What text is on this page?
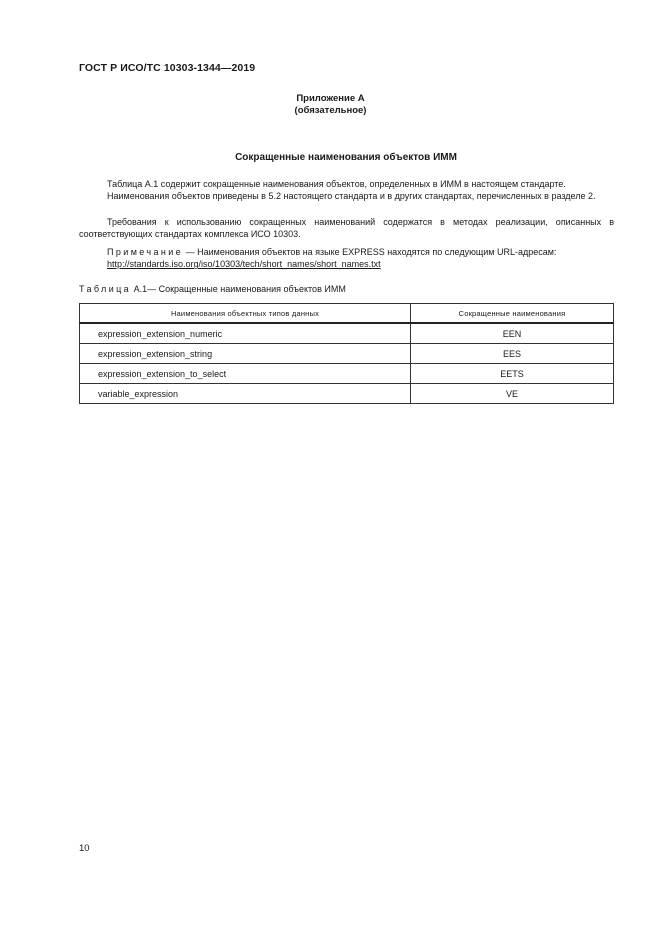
ГОСТ Р ИСО/ТС 10303-1344—2019
Приложение А
(обязательное)
Сокращенные наименования объектов ИММ
Таблица А.1 содержит сокращенные наименования объектов, определенных в ИММ в настоящем стандарте.
Наименования объектов приведены в 5.2 настоящего стандарта и в других стандартах, перечисленных в разделе 2.
Требования к использованию сокращенных наименований содержатся в методах реализации, описанных в соответствующих стандартах комплекса ИСО 10303.
Примечание — Наименования объектов на языке EXPRESS находятся по следующим URL-адресам:
http://standards.iso.org/iso/10303/tech/short_names/short_names.txt
Таблица А.1— Сокращенные наименования объектов ИММ
Наименования объектных типов данных	Сокращенные наименования
expression_extension_numeric	EEN
expression_extension_string	EES
expression_extension_to_select	EETS
variable_expression	VE
10
